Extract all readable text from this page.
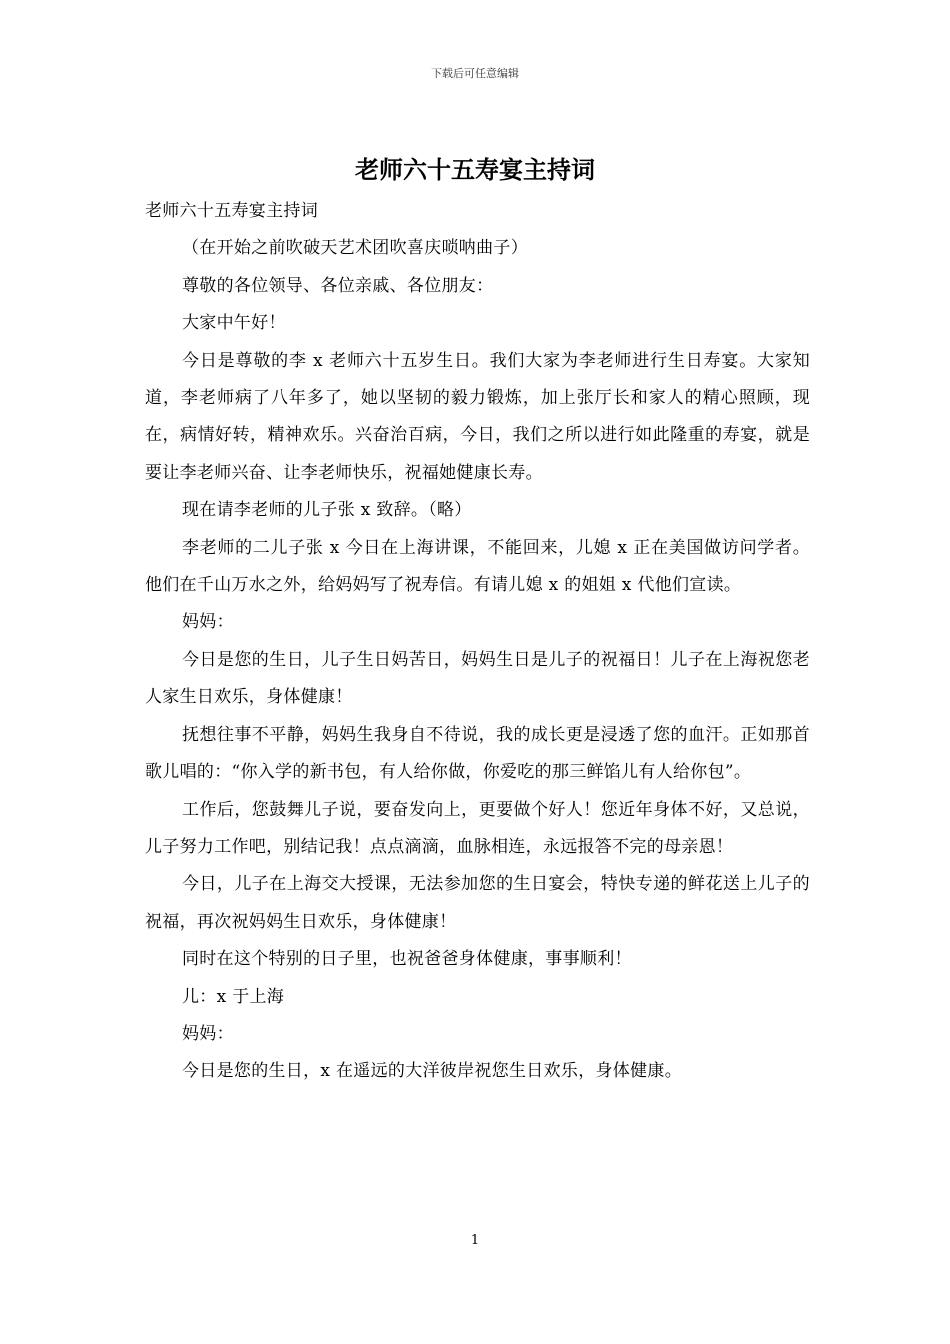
下载后可任意编辑
老师六十五寿宴主持词

老师六十五寿宴主持词

（在开始之前吹破天艺术团吹喜庆唢呐曲子）

尊敬的各位领导、各位亲戚、各位朋友：

大家中午好！

今日是尊敬的李 x 老师六十五岁生日。我们大家为李老师进行生日寿宴。大家知道，李老师病了八年多了，她以坚韧的毅力锻炼，加上张厅长和家人的精心照顾，现在，病情好转，精神欢乐。兴奋治百病，今日，我们之所以进行如此隆重的寿宴，就是要让李老师兴奋、让李老师快乐，祝福她健康长寿。

现在请李老师的儿子张 x 致辞。（略）

李老师的二儿子张 x 今日在上海讲课，不能回来，儿媳 x 正在美国做访问学者。他们在千山万水之外，给妈妈写了祝寿信。有请儿媳 x 的姐姐 x 代他们宣读。

妈妈：

今日是您的生日，儿子生日妈苦日，妈妈生日是儿子的祝福日！儿子在上海祝您老人家生日欢乐，身体健康！

抚想往事不平静，妈妈生我身自不待说，我的成长更是浸透了您的血汗。正如那首歌儿唱的：“你入学的新书包，有人给你做，你爱吃的那三鲜馅儿有人给你包”。

工作后，您鼓舞儿子说，要奋发向上，更要做个好人！您近年身体不好，又总说，儿子努力工作吧，别结记我！点点滴滴，血脉相连，永远报答不完的母亲恩！

今日，儿子在上海交大授课，无法参加您的生日宴会，特快专递的鲜花送上儿子的祝福，再次祝妈妈生日欢乐，身体健康！

同时在这个特别的日子里，也祝爸爸身体健康，事事顺利！

儿：x 于上海

妈妈：

今日是您的生日，x 在遥远的大洋彼岸祝您生日欢乐，身体健康。

1
